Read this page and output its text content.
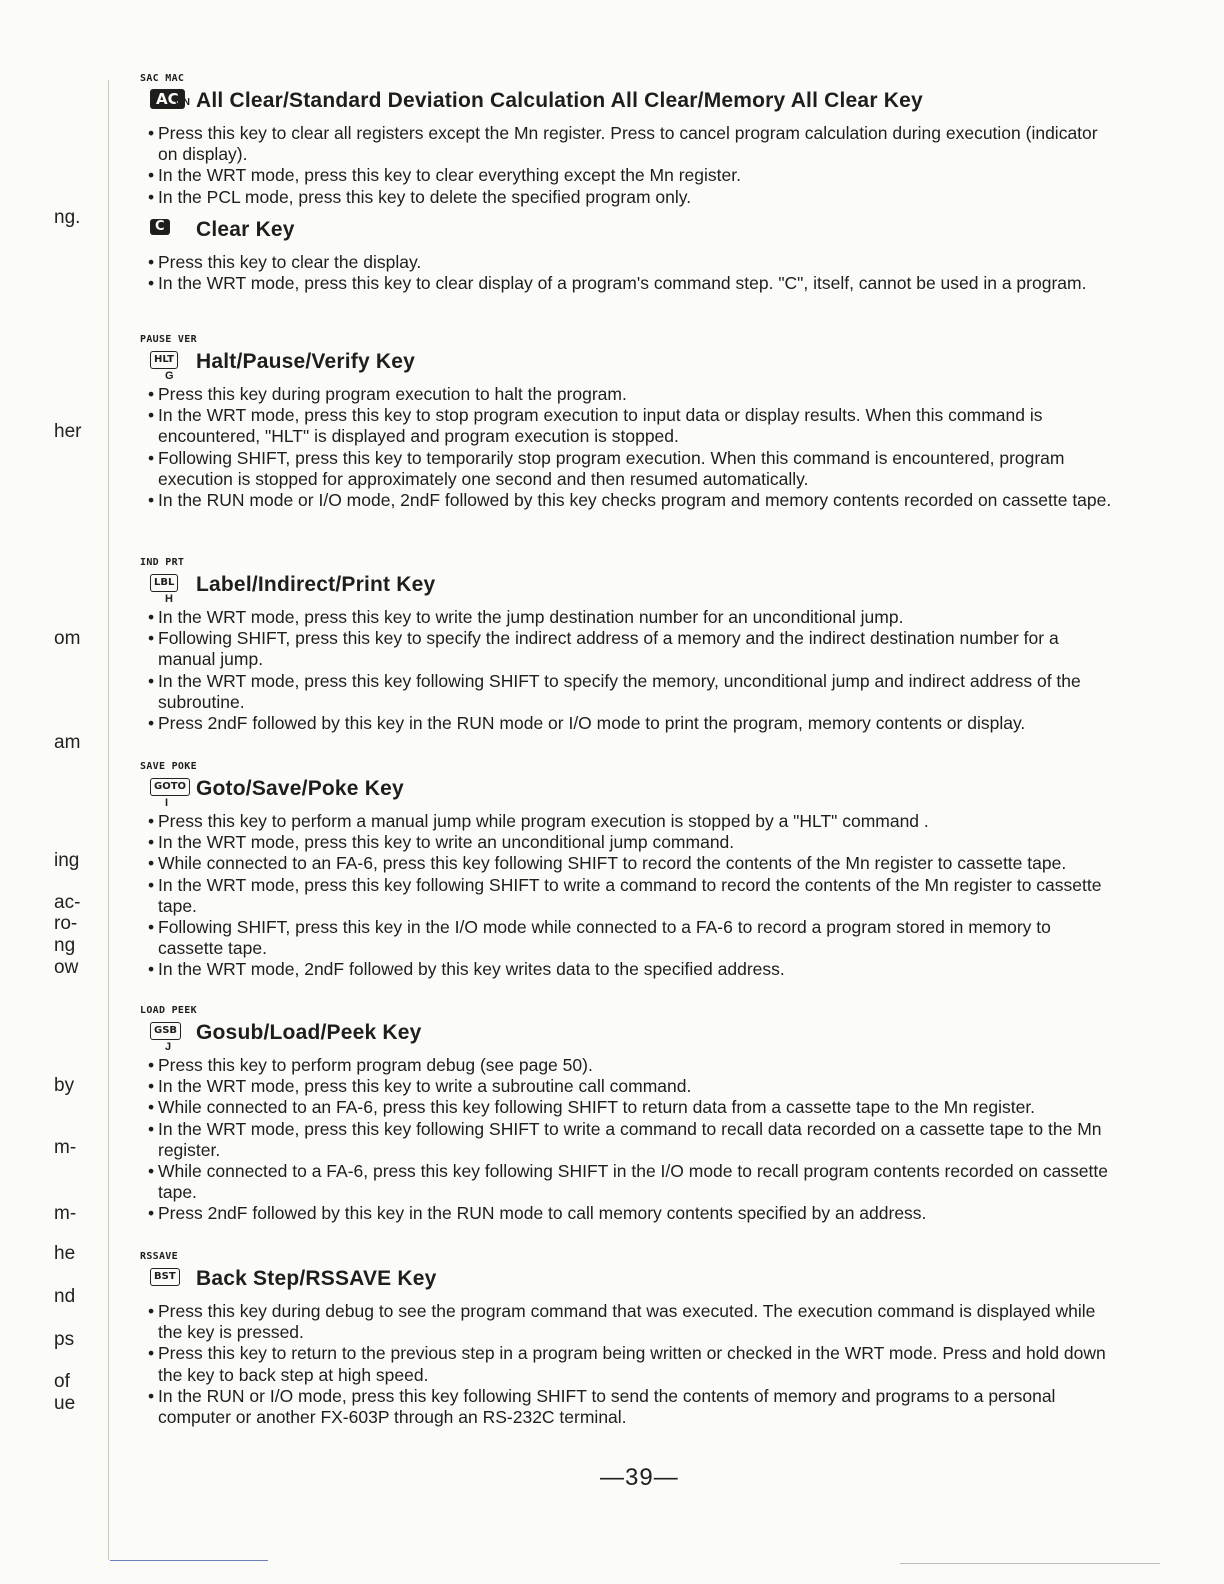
ng.
her
om
am
ing
ac-
ro-
ng
ow
by
m-
m-
he
nd
ps
of
ue
SAC MAC
AC
ON All Clear/Standard Deviation Calculation All Clear/Memory All Clear Key
• Press this key to clear all registers except the Mn register. Press to cancel program calculation during execution (indicator on display).
• In the WRT mode, press this key to clear everything except the Mn register.
• In the PCL mode, press this key to delete the specified program only.
C Clear Key
• Press this key to clear the display.
• In the WRT mode, press this key to clear display of a program's command step. "C", itself, cannot be used in a program.
PAUSE VER
HLT
G
Halt/Pause/Verify Key
• Press this key during program execution to halt the program.
• In the WRT mode, press this key to stop program execution to input data or display results. When this command is encountered, "HLT" is displayed and program execution is stopped.
• Following SHIFT, press this key to temporarily stop program execution. When this command is encountered, program execution is stopped for approximately one second and then resumed automatically.
• In the RUN mode or I/O mode, 2ndF followed by this key checks program and memory contents recorded on cassette tape.
IND PRT
LBL
H
Label/Indirect/Print Key
• In the WRT mode, press this key to write the jump destination number for an unconditional jump.
• Following SHIFT, press this key to specify the indirect address of a memory and the indirect destination number for a manual jump.
• In the WRT mode, press this key following SHIFT to specify the memory, unconditional jump and indirect address of the subroutine.
• Press 2ndF followed by this key in the RUN mode or I/O mode to print the program, memory contents or display.
SAVE POKE
GOTO
I
Goto/Save/Poke Key
• Press this key to perform a manual jump while program execution is stopped by a "HLT" command .
• In the WRT mode, press this key to write an unconditional jump command.
• While connected to an FA-6, press this key following SHIFT to record the contents of the Mn register to cassette tape.
• In the WRT mode, press this key following SHIFT to write a command to record the contents of the Mn register to cassette tape.
• Following SHIFT, press this key in the I/O mode while connected to a FA-6 to record a program stored in memory to cassette tape.
• In the WRT mode, 2ndF followed by this key writes data to the specified address.
LOAD PEEK
GSB
J
Gosub/Load/Peek Key
• Press this key to perform program debug (see page 50).
• In the WRT mode, press this key to write a subroutine call command.
• While connected to an FA-6, press this key following SHIFT to return data from a cassette tape to the Mn register.
• In the WRT mode, press this key following SHIFT to write a command to recall data recorded on a cassette tape to the Mn register.
• While connected to a FA-6, press this key following SHIFT in the I/O mode to recall program contents recorded on cassette tape.
• Press 2ndF followed by this key in the RUN mode to call memory contents specified by an address.
RSSAVE
BST Back Step/RSSAVE Key
• Press this key during debug to see the program command that was executed. The execution command is displayed while the key is pressed.
• Press this key to return to the previous step in a program being written or checked in the WRT mode. Press and hold down the key to back step at high speed.
• In the RUN or I/O mode, press this key following SHIFT to send the contents of memory and programs to a personal computer or another FX-603P through an RS-232C terminal.
—39—
